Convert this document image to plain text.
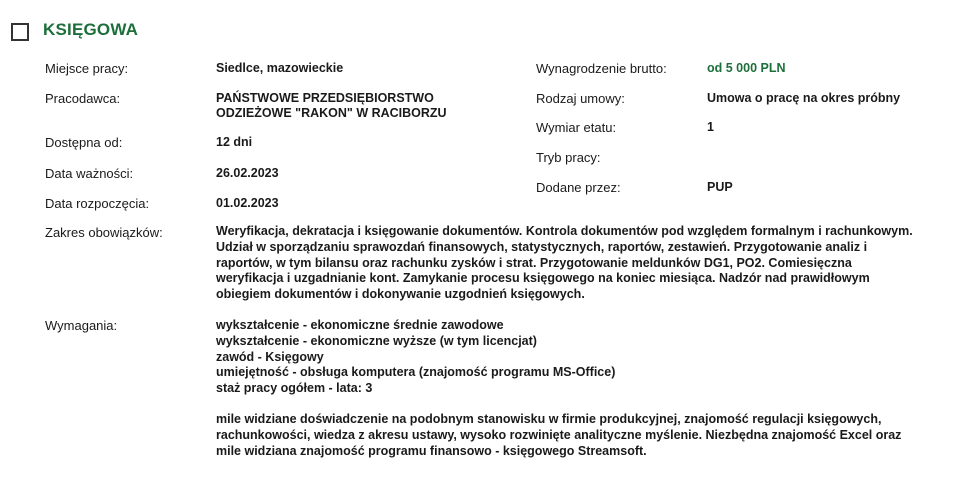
KSIĘGOWA
Miejsce pracy:	Siedlce, mazowieckie
Pracodawca:	PAŃSTWOWE PRZEDSIĘBIORSTWO
ODZIEŻOWE "RAKON" W RACIBORZU
Dostępna od:	12 dni
Data ważności:	26.02.2023
Data rozpoczęcia:	01.02.2023
Wynagrodzenie brutto:	od 5 000 PLN
Rodzaj umowy:	Umowa o pracę na okres próbny
Wymiar etatu:	1
Tryb pracy:
Dodane przez:	PUP
Zakres obowiązków:	Weryfikacja, dekratacja i księgowanie dokumentów. Kontrola dokumentów pod względem formalnym i rachunkowym. Udział w sporządzaniu sprawozdań finansowych, statystycznych, raportów, zestawień. Przygotowanie analiz i raportów, w tym bilansu oraz rachunku zysków i strat. Przygotowanie meldunków DG1, PO2. Comiesięczna weryfikacja i uzgadnianie kont. Zamykanie procesu księgowego na koniec miesiąca. Nadzór nad prawidłowym obiegiem dokumentów i dokonywanie uzgodnień księgowych.
Wymagania:	wykształcenie - ekonomiczne średnie zawodowe
wykształcenie - ekonomiczne wyższe (w tym licencjat)
zawód - Księgowy
umiejętność - obsługa komputera (znajomość programu MS-Office)
staż pracy ogółem - lata: 3
mile widziane doświadczenie na podobnym stanowisku w firmie produkcyjnej, znajomość regulacji księgowych, rachunkowości, wiedza z akresu ustawy, wysoko rozwinięte analityczne myślenie. Niezbędna znajomość Excel oraz mile widziana znajomość programu finansowo - księgowego Streamsoft.
